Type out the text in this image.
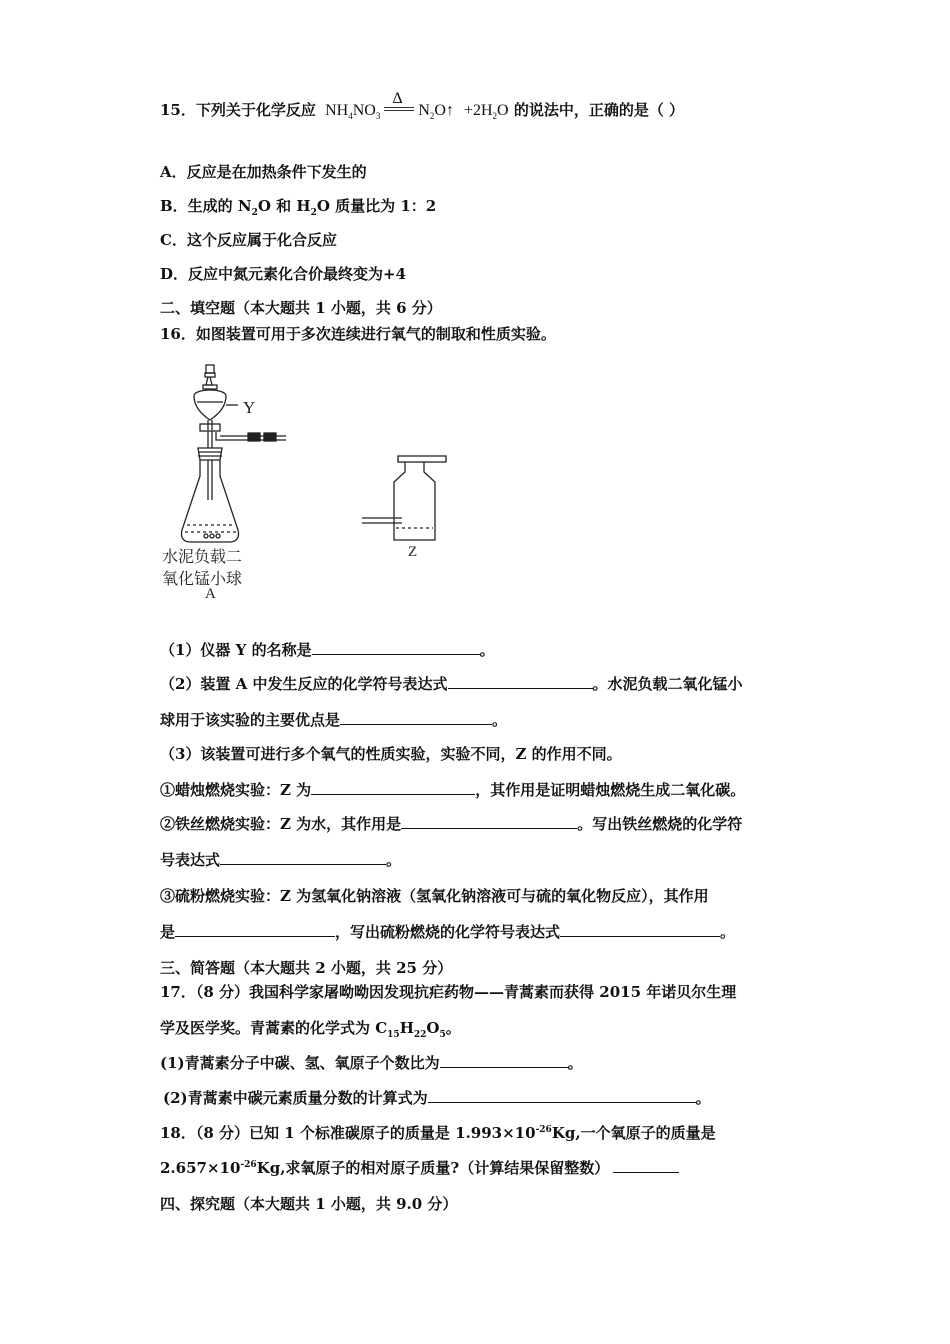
15．下列关于化学反应 $NH_4NO_3$
Δ
$N_2O↑ +2H_2O$ 的说法中，正确的是（ ）
A．反应是在加热条件下发生的
B．生成的 $N_2O$ 和 $H_2O$ 质量比为 1：2
C．这个反应属于化合反应
D．反应中氮元素化合价最终变为+4
二、填空题（本大题共 1 小题，共 6 分）
16．如图装置可用于多次连续进行氧气的制取和性质实验。
Y
Z
水泥负载二
氧化锰小球
A
（1）仪器 Y 的名称是	。
（2）装置 A 中发生反应的化学符号表达式	。水泥负载二氧化锰小
球用于该实验的主要优点是	。
（3）该装置可进行多个氧气的性质实验，实验不同，Z 的作用不同。
①蜡烛燃烧实验：Z 为	，其作用是证明蜡烛燃烧生成二氧化碳。
②铁丝燃烧实验：Z 为水，其作用是	。写出铁丝燃烧的化学符
号表达式	。
③硫粉燃烧实验：Z 为氢氧化钠溶液（氢氧化钠溶液可与硫的氧化物反应），其作用
是	，写出硫粉燃烧的化学符号表达式	。
三、简答题（本大题共 2 小题，共 25 分）
17．（8 分）我国科学家屠呦呦因发现抗疟药物——青蒿素而获得 2015 年诺贝尔生理
学及医学奖。青蒿素的化学式为 $C_{15}H_{22}O_5$。
(1)青蒿素分子中碳、氢、氧原子个数比为	。
(2)青蒿素中碳元素质量分数的计算式为	。
18．（8 分）已知 1 个标准碳原子的质量是 $1.993\times 10^{-26}Kg$,一个氧原子的质量是
$2.657\times 10^{-26}Kg$,求氧原子的相对原子质量?（计算结果保留整数）
四、探究题（本大题共 1 小题，共 9.0 分）
